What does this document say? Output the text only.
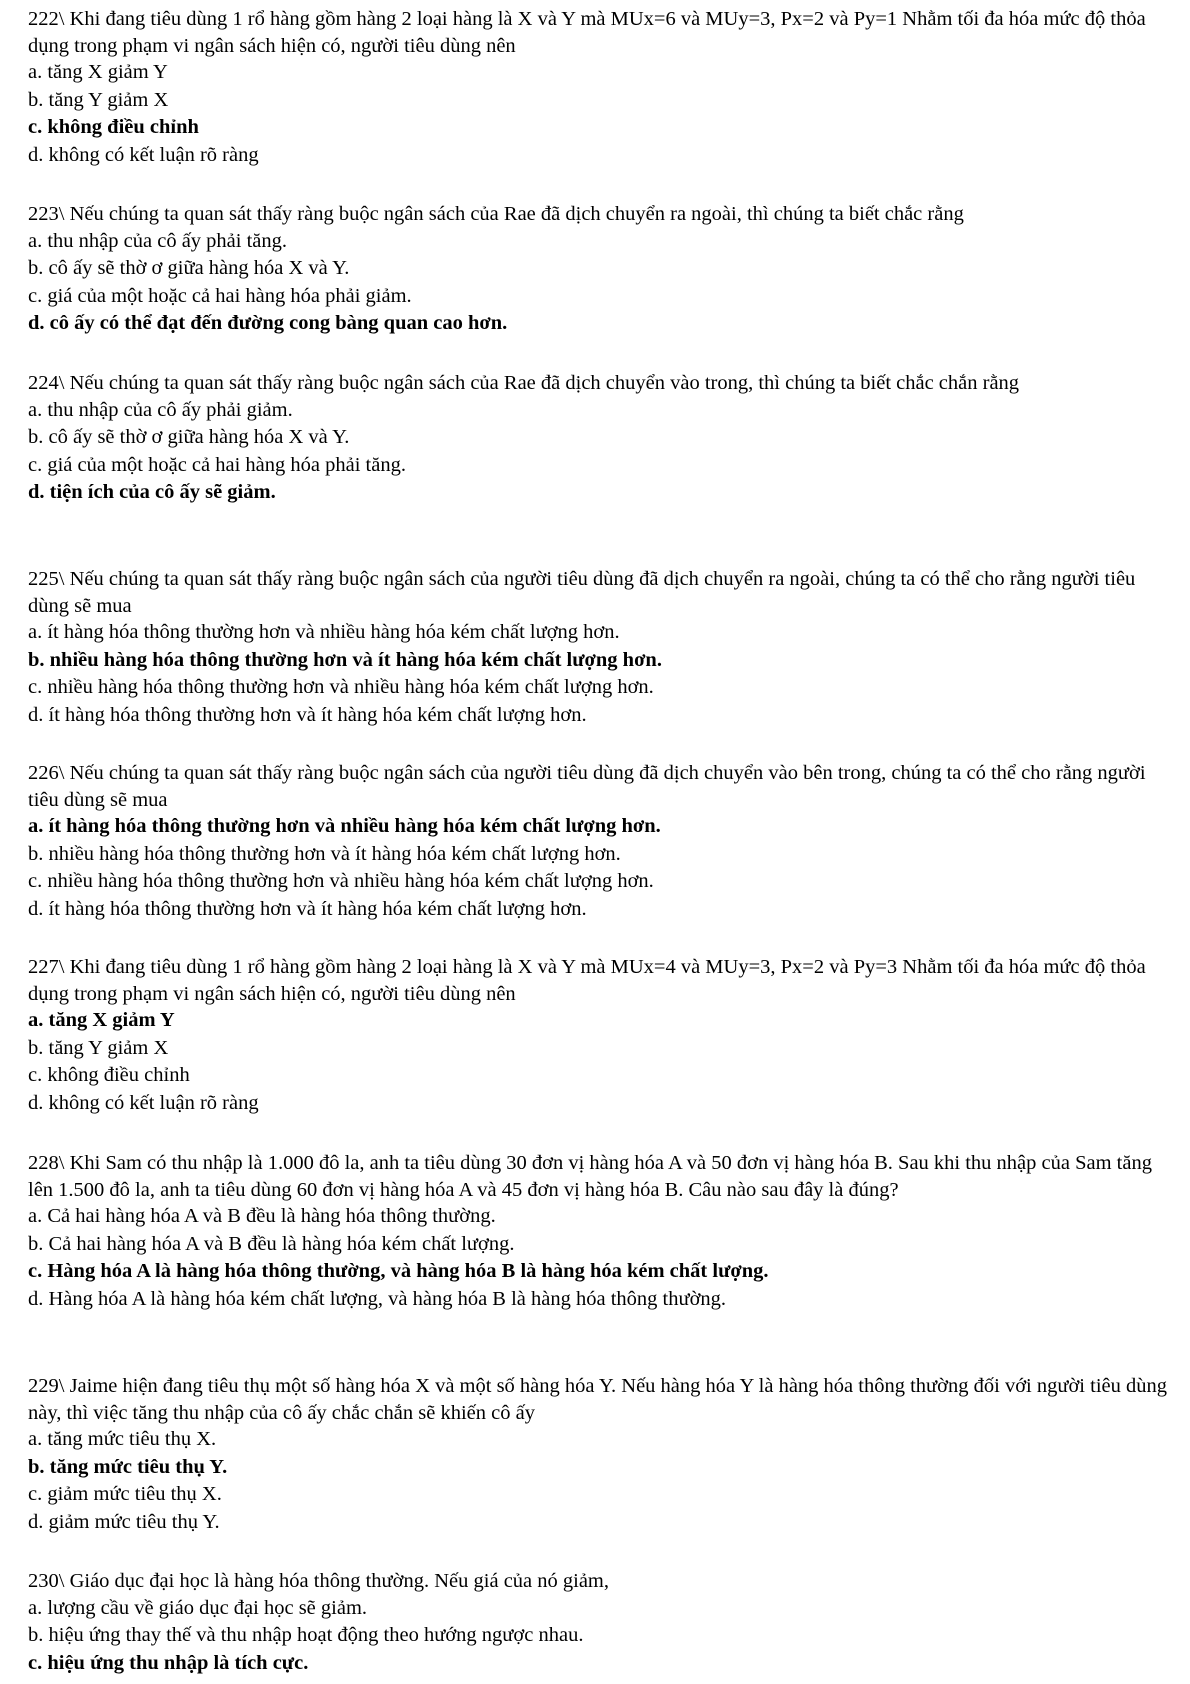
222\ Khi đang tiêu dùng 1 rổ hàng gồm hàng 2 loại hàng là X và Y mà MUx=6 và MUy=3, Px=2 và Py=1 Nhằm tối đa hóa mức độ thỏa dụng trong phạm vi ngân sách hiện có, người tiêu dùng nên

a. tăng X giảm Y

b. tăng Y giảm X

c. không điều chỉnh

d. không có kết luận rõ ràng

223\ Nếu chúng ta quan sát thấy ràng buộc ngân sách của Rae đã dịch chuyển ra ngoài, thì chúng ta biết chắc rằng

a. thu nhập của cô ấy phải tăng.

b. cô ấy sẽ thờ ơ giữa hàng hóa X và Y.

c. giá của một hoặc cả hai hàng hóa phải giảm.

d. cô ấy có thể đạt đến đường cong bàng quan cao hơn.

224\ Nếu chúng ta quan sát thấy ràng buộc ngân sách của Rae đã dịch chuyển vào trong, thì chúng ta biết chắc chắn rằng

a. thu nhập của cô ấy phải giảm.

b. cô ấy sẽ thờ ơ giữa hàng hóa X và Y.

c. giá của một hoặc cả hai hàng hóa phải tăng.

d. tiện ích của cô ấy sẽ giảm.

225\ Nếu chúng ta quan sát thấy ràng buộc ngân sách của người tiêu dùng đã dịch chuyển ra ngoài, chúng ta có thể cho rằng người tiêu dùng sẽ mua

a. ít hàng hóa thông thường hơn và nhiều hàng hóa kém chất lượng hơn.

b. nhiều hàng hóa thông thường hơn và ít hàng hóa kém chất lượng hơn.

c. nhiều hàng hóa thông thường hơn và nhiều hàng hóa kém chất lượng hơn.

d. ít hàng hóa thông thường hơn và ít hàng hóa kém chất lượng hơn.

226\ Nếu chúng ta quan sát thấy ràng buộc ngân sách của người tiêu dùng đã dịch chuyển vào bên trong, chúng ta có thể cho rằng người tiêu dùng sẽ mua

a. ít hàng hóa thông thường hơn và nhiều hàng hóa kém chất lượng hơn.

b. nhiều hàng hóa thông thường hơn và ít hàng hóa kém chất lượng hơn.

c. nhiều hàng hóa thông thường hơn và nhiều hàng hóa kém chất lượng hơn.

d. ít hàng hóa thông thường hơn và ít hàng hóa kém chất lượng hơn.

227\ Khi đang tiêu dùng 1 rổ hàng gồm hàng 2 loại hàng là X và Y mà MUx=4 và MUy=3, Px=2 và Py=3 Nhằm tối đa hóa mức độ thỏa dụng trong phạm vi ngân sách hiện có, người tiêu dùng nên

a. tăng X giảm Y

b. tăng Y giảm X

c. không điều chỉnh

d. không có kết luận rõ ràng

228\ Khi Sam có thu nhập là 1.000 đô la, anh ta tiêu dùng 30 đơn vị hàng hóa A và 50 đơn vị hàng hóa B. Sau khi thu nhập của Sam tăng lên 1.500 đô la, anh ta tiêu dùng 60 đơn vị hàng hóa A và 45 đơn vị hàng hóa B. Câu nào sau đây là đúng?

a. Cả hai hàng hóa A và B đều là hàng hóa thông thường.

b. Cả hai hàng hóa A và B đều là hàng hóa kém chất lượng.

c. Hàng hóa A là hàng hóa thông thường, và hàng hóa B là hàng hóa kém chất lượng.

d. Hàng hóa A là hàng hóa kém chất lượng, và hàng hóa B là hàng hóa thông thường.

229\ Jaime hiện đang tiêu thụ một số hàng hóa X và một số hàng hóa Y. Nếu hàng hóa Y là hàng hóa thông thường đối với người tiêu dùng này, thì việc tăng thu nhập của cô ấy chắc chắn sẽ khiến cô ấy

a. tăng mức tiêu thụ X.

b. tăng mức tiêu thụ Y.

c. giảm mức tiêu thụ X.

d. giảm mức tiêu thụ Y.

230\ Giáo dục đại học là hàng hóa thông thường. Nếu giá của nó giảm,

a. lượng cầu về giáo dục đại học sẽ giảm.

b. hiệu ứng thay thế và thu nhập hoạt động theo hướng ngược nhau.

c. hiệu ứng thu nhập là tích cực.
